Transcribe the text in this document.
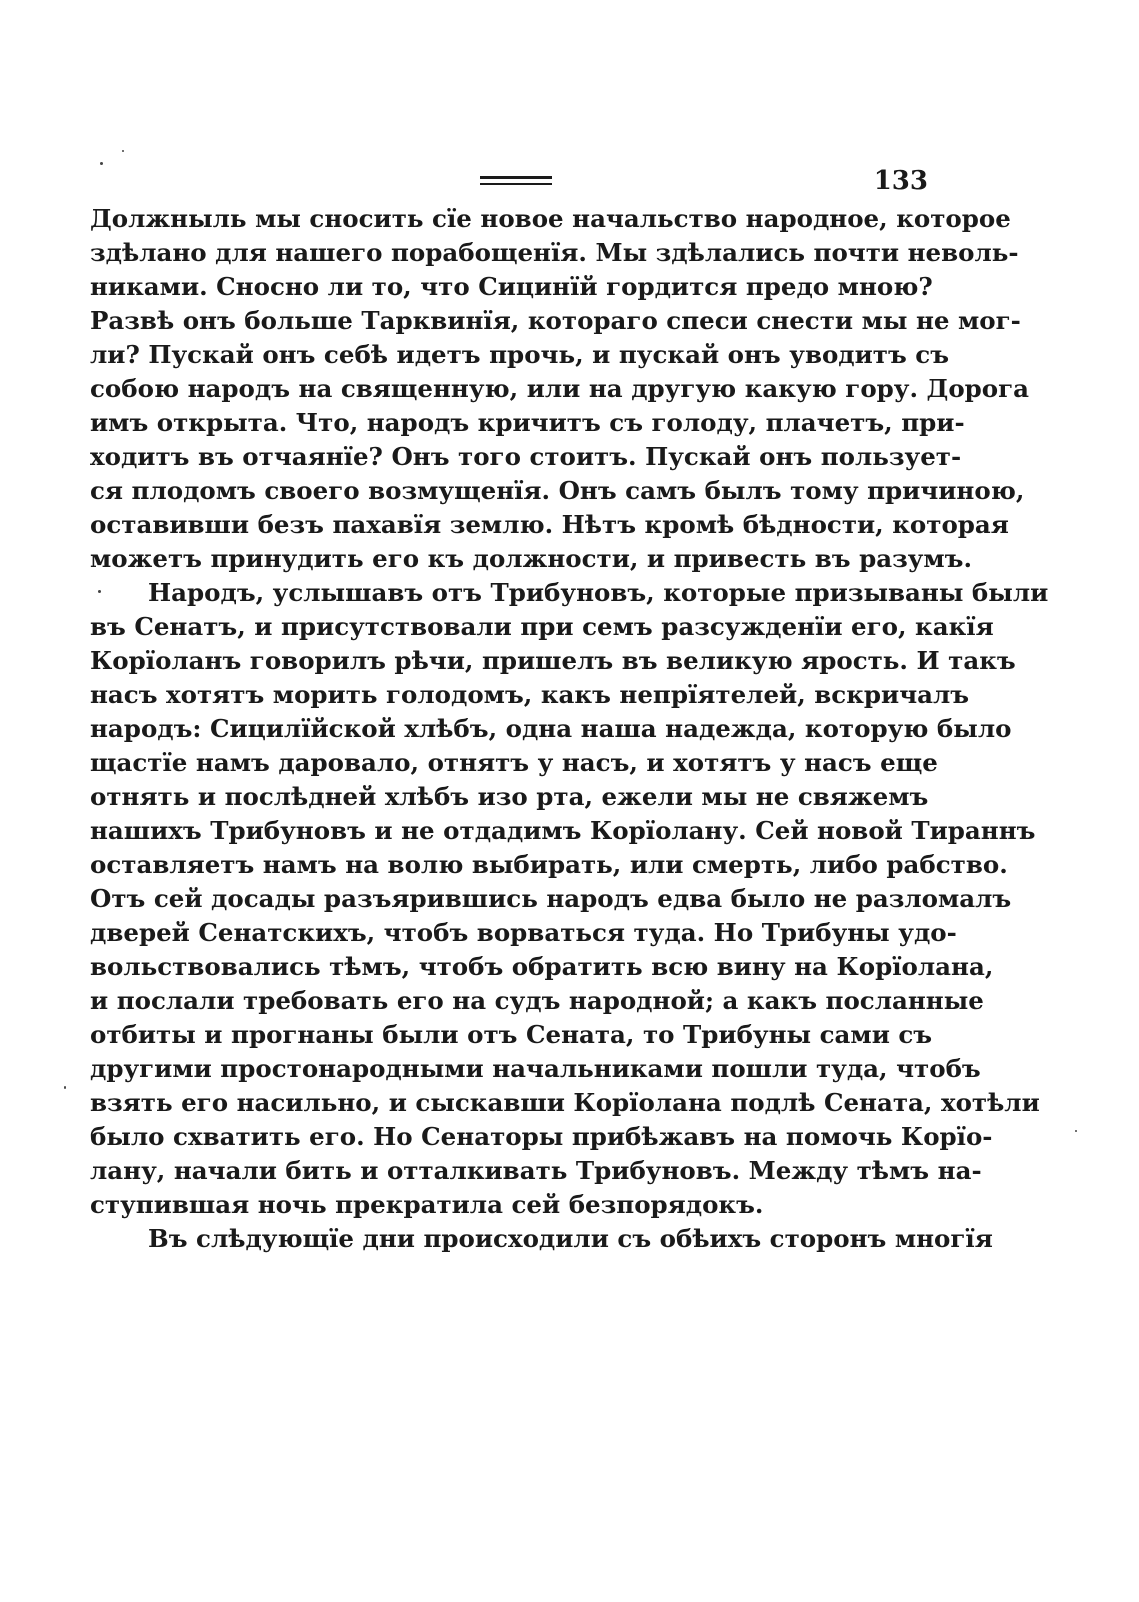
133
Должныль мы сносить сїе новое начальство народное, которое
здѣлано для нашего порабощенїя. Мы здѣлались почти неволь-
никами. Сносно ли то, что Сицинїй гордится предо мною?
Развѣ онъ больше Тарквинїя, котораго спеси снести мы не мог-
ли? Пускай онъ себѣ идетъ прочь, и пускай онъ уводитъ съ
собою народъ на священную, или на другую какую гору. Дорога
имъ открыта. Что, народъ кричитъ съ голоду, плачетъ, при-
ходитъ въ отчаянїе? Онъ того стоитъ. Пускай онъ пользует-
ся плодомъ своего возмущенїя. Онъ самъ былъ тому причиною,
оставивши безъ пахавїя землю. Нѣтъ кромѣ бѣдности, которая
можетъ принудить его къ должности, и привесть въ разумъ.
Народъ, услышавъ отъ Трибуновъ, которые призываны были
въ Сенатъ, и присутствовали при семъ разсужденїи его, какїя
Корїоланъ говорилъ рѣчи, пришелъ въ великую ярость. И такъ
насъ хотятъ морить голодомъ, какъ непрїятелей, вскричалъ
народъ: Сицилїйской хлѣбъ, одна наша надежда, которую было
щастїе намъ даровало, отнятъ у насъ, и хотятъ у насъ еще
отнять и послѣдней хлѣбъ изо рта, ежели мы не свяжемъ
нашихъ Трибуновъ и не отдадимъ Корїолану. Сей новой Тираннъ
оставляетъ намъ на волю выбирать, или смерть, либо рабство.
Отъ сей досады разъярившись народъ едва было не разломалъ
дверей Сенатскихъ, чтобъ ворваться туда. Но Трибуны удо-
вольствовались тѣмъ, чтобъ обратить всю вину на Корїолана,
и послали требовать его на судъ народной; а какъ посланные
отбиты и прогнаны были отъ Сената, то Трибуны сами съ
другими простонародными начальниками пошли туда, чтобъ
взять его насильно, и сыскавши Корїолана подлѣ Сената, хотѣли
было схватить его. Но Сенаторы прибѣжавъ на помочь Корїо-
лану, начали бить и отталкивать Трибуновъ. Между тѣмъ на-
ступившая ночь прекратила сей безпорядокъ.
Въ слѣдующїе дни происходили съ обѣихъ сторонъ многїя
